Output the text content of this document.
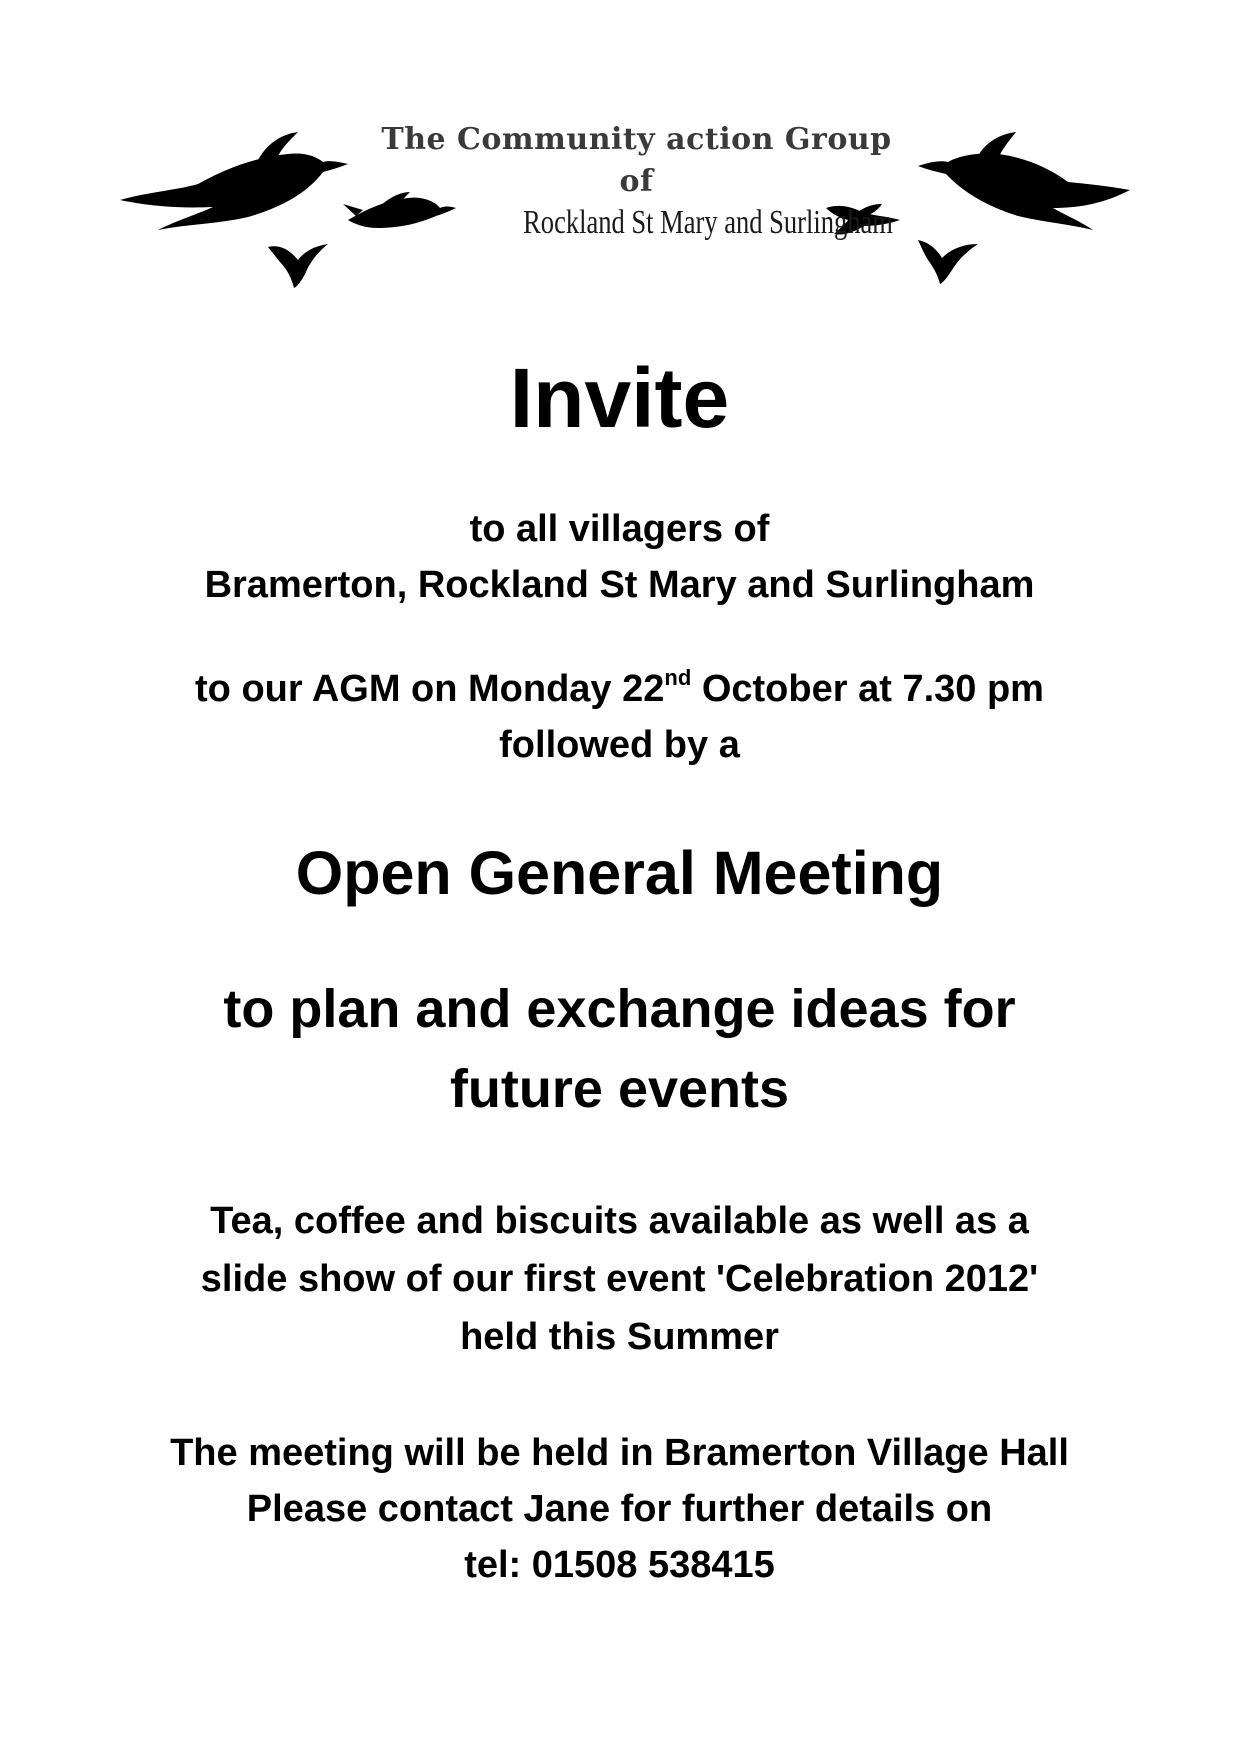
The Community action Group
of
Rockland St Mary and Surlingham
Invite
to all villagers of
Bramerton, Rockland St Mary and Surlingham
to our AGM on Monday 22nd October at 7.30 pm
followed by a
Open General Meeting
to plan and exchange ideas for
future events
Tea, coffee and biscuits available as well as a
slide show of our first event 'Celebration 2012'
held this Summer
The meeting will be held in Bramerton Village Hall
Please contact Jane for further details on
tel: 01508 538415
